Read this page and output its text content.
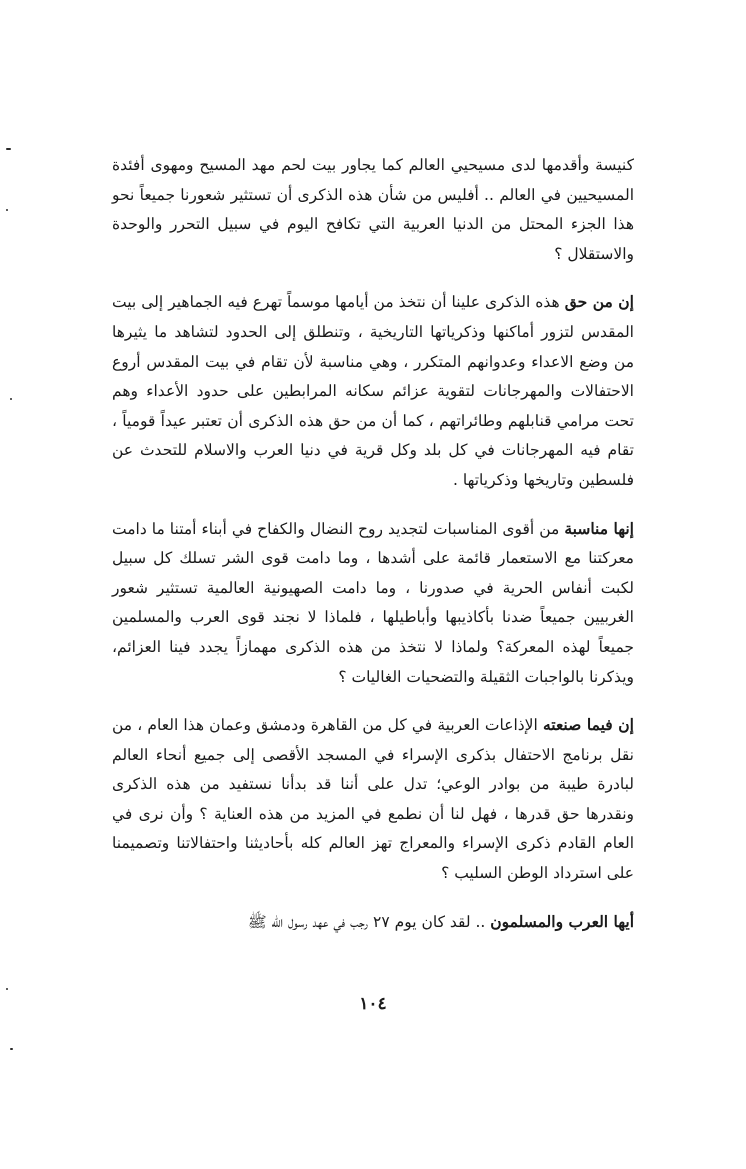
كنيسة وأقدمها لدى مسيحيي العالم كما يجاور بيت لحم مهد المسيح ومهوى أفئدة المسيحيين في العالم .. أفليس من شأن هذه الذكرى أن تستثير شعورنا جميعاً نحو هذا الجزء المحتل من الدنيا العربية التي تكافح اليوم في سبيل التحرر والوحدة والاستقلال ؟

إن من حق هذه الذكرى علينا أن نتخذ من أيامها موسماً تهرع فيه الجماهير إلى بيت المقدس لتزور أماكنها وذكرياتها التاريخية ، وتنطلق إلى الحدود لتشاهد ما يثيرها من وضع الاعداء وعدوانهم المتكرر ، وهي مناسبة لأن تقام في بيت المقدس أروع الاحتفالات والمهرجانات لتقوية عزائم سكانه المرابطين على حدود الأعداء وهم تحت مرامي قنابلهم وطائراتهم ، كما أن من حق هذه الذكرى أن تعتبر عيداً قومياً ، تقام فيه المهرجانات في كل بلد وكل قرية في دنيا العرب والاسلام للتحدث عن فلسطين وتاريخها وذكرياتها .

إنها مناسبة من أقوى المناسبات لتجديد روح النضال والكفاح في أبناء أمتنا ما دامت معركتنا مع الاستعمار قائمة على أشدها ، وما دامت قوى الشر تسلك كل سبيل لكبت أنفاس الحرية في صدورنا ، وما دامت الصهيونية العالمية تستثير شعور الغربيين جميعاً ضدنا بأكاذيبها وأباطيلها ، فلماذا لا نجند قوى العرب والمسلمين جميعاً لهذه المعركة؟ ولماذا لا نتخذ من هذه الذكرى مهمازاً يجدد فينا العزائم، ويذكرنا بالواجبات الثقيلة والتضحيات الغاليات ؟

إن فيما صنعته الإذاعات العربية في كل من القاهرة ودمشق وعمان هذا العام ، من نقل برنامج الاحتفال بذكرى الإسراء في المسجد الأقصى إلى جميع أنحاء العالم لبادرة طيبة من بوادر الوعي؛ تدل على أننا قد بدأنا نستفيد من هذه الذكرى ونقدرها حق قدرها ، فهل لنا أن نطمع في المزيد من هذه العناية ؟ وأن نرى في العام القادم ذكرى الإسراء والمعراج تهز العالم كله بأحاديثنا واحتفالاتنا وتصميمنا على استرداد الوطن السليب ؟

أيها العرب والمسلمون .. لقد كان يوم ٢٧ رجب في عهد رسول الله ﷺ

١٠٤
